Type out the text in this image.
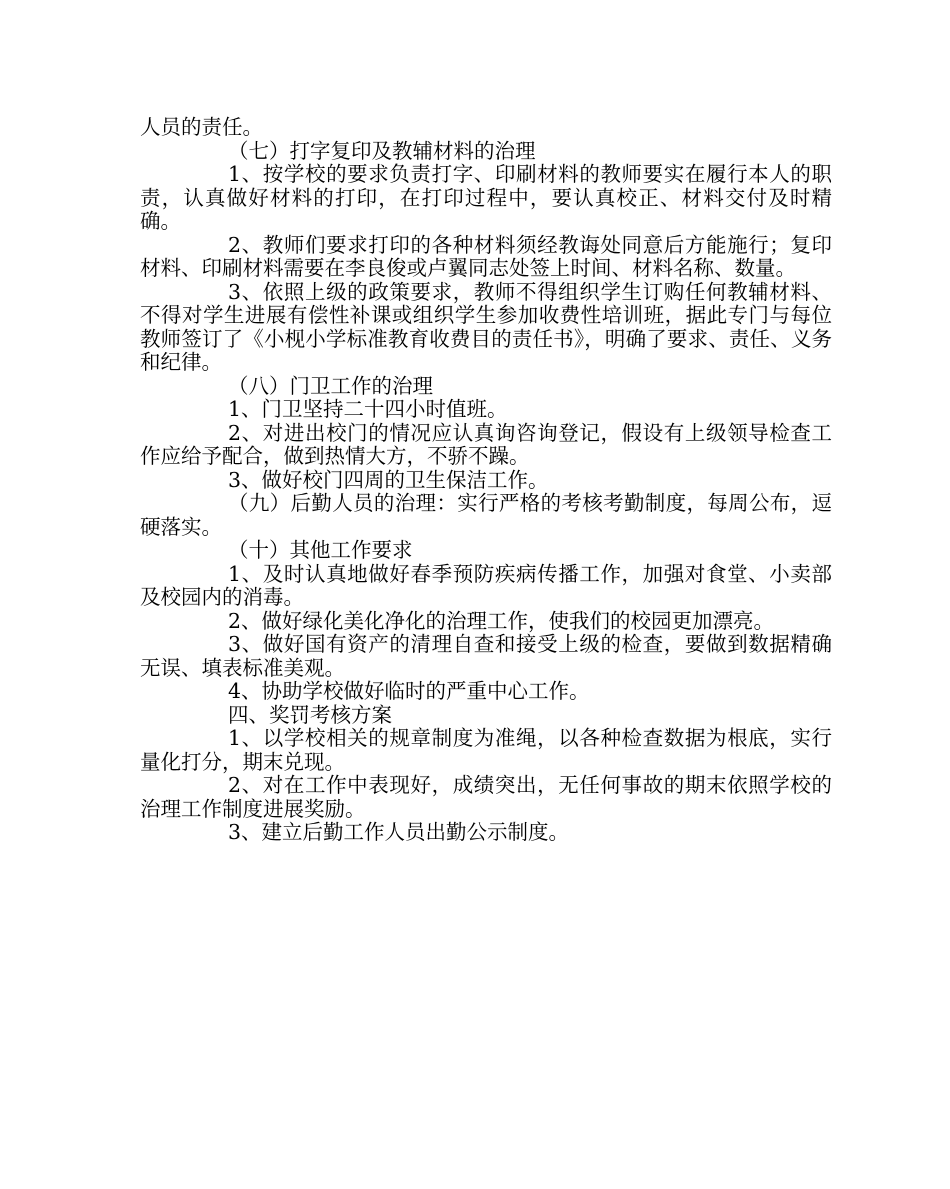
人员的责任。

（七）打字复印及教辅材料的治理

1、按学校的要求负责打字、印刷材料的教师要实在履行本人的职责，认真做好材料的打印，在打印过程中，要认真校正、材料交付及时精确。

2、教师们要求打印的各种材料须经教诲处同意后方能施行；复印材料、印刷材料需要在李良俊或卢翼同志处签上时间、材料名称、数量。

3、依照上级的政策要求，教师不得组织学生订购任何教辅材料、不得对学生进展有偿性补课或组织学生参加收费性培训班，据此专门与每位教师签订了《小枧小学标准教育收费目的责任书》，明确了要求、责任、义务和纪律。

（八）门卫工作的治理

1、门卫坚持二十四小时值班。

2、对进出校门的情况应认真询咨询登记，假设有上级领导检查工作应给予配合，做到热情大方，不骄不躁。

3、做好校门四周的卫生保洁工作。

（九）后勤人员的治理：实行严格的考核考勤制度，每周公布，逗硬落实。

（十）其他工作要求

1、及时认真地做好春季预防疾病传播工作，加强对食堂、小卖部及校园内的消毒。

2、做好绿化美化净化的治理工作，使我们的校园更加漂亮。

3、做好国有资产的清理自查和接受上级的检查，要做到数据精确无误、填表标准美观。

4、协助学校做好临时的严重中心工作。

四、奖罚考核方案

1、以学校相关的规章制度为准绳，以各种检查数据为根底，实行量化打分，期末兑现。

2、对在工作中表现好，成绩突出，无任何事故的期末依照学校的治理工作制度进展奖励。

3、建立后勤工作人员出勤公示制度。
